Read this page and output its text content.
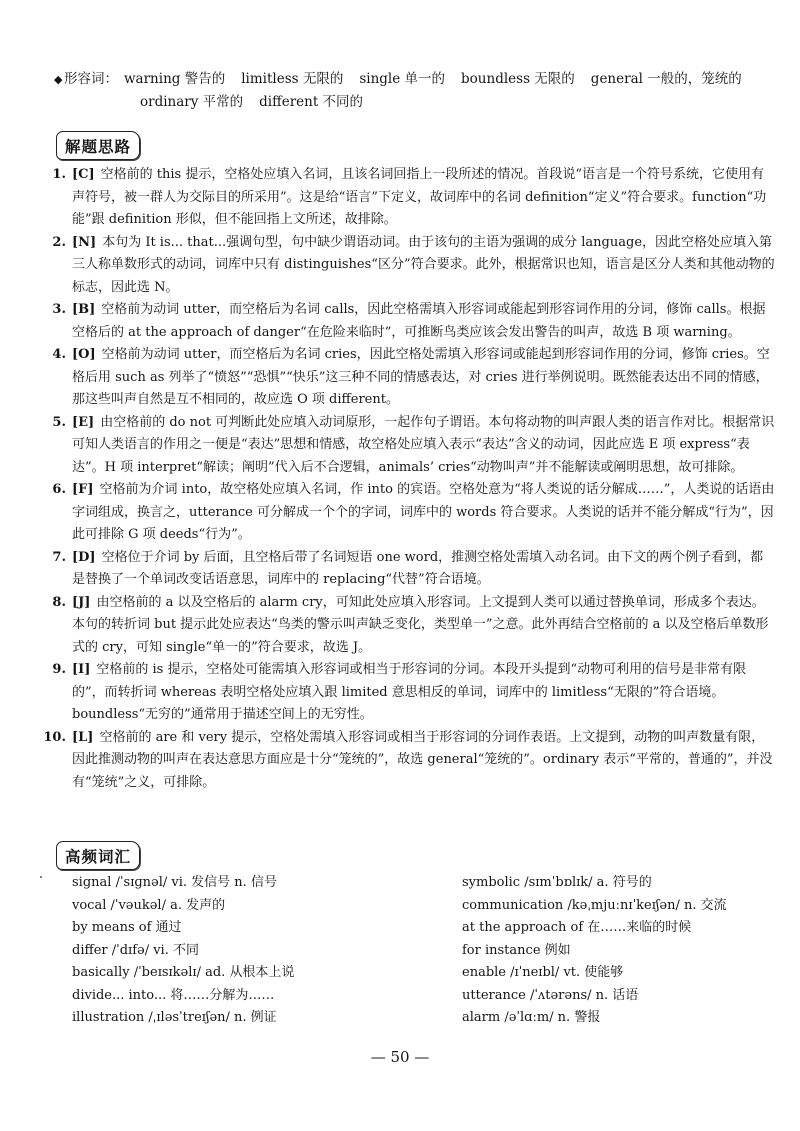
◆ 形容词： warning 警告的 limitless 无限的 single 单一的 boundless 无限的 general 一般的，笼统的
ordinary 平常的 different 不同的
解题思路
1. [C] 空格前的 this 提示，空格处应填入名词，且该名词回指上一段所述的情况。首段说“语言是一个符号系统，它使用有声符号，被一群人为交际目的所采用”。这是给“语言”下定义，故词库中的名词 definition“定义”符合要求。function“功能”跟 definition 形似，但不能回指上文所述，故排除。
2. [N] 本句为 It is... that...强调句型，句中缺少谓语动词。由于该句的主语为强调的成分 language，因此空格处应填入第三人称单数形式的动词，词库中只有 distinguishes“区分”符合要求。此外，根据常识也知，语言是区分人类和其他动物的标志，因此选 N。
3. [B] 空格前为动词 utter，而空格后为名词 calls，因此空格需填入形容词或能起到形容词作用的分词，修饰 calls。根据空格后的 at the approach of danger“在危险来临时”，可推断鸟类应该会发出警告的叫声，故选 B 项 warning。
4. [O] 空格前为动词 utter，而空格后为名词 cries，因此空格处需填入形容词或能起到形容词作用的分词，修饰 cries。空格后用 such as 列举了“愤怒”“恐惧”“快乐”这三种不同的情感表达，对 cries 进行举例说明。既然能表达出不同的情感，那这些叫声自然是互不相同的，故应选 O 项 different。
5. [E] 由空格前的 do not 可判断此处应填入动词原形，一起作句子谓语。本句将动物的叫声跟人类的语言作对比。根据常识可知人类语言的作用之一便是“表达”思想和情感，故空格处应填入表示“表达”含义的动词，因此应选 E 项 express“表达”。H 项 interpret“解读；阐明”代入后不合逻辑，animals’ cries“动物叫声”并不能解读或阐明思想，故可排除。
6. [F] 空格前为介词 into，故空格处应填入名词，作 into 的宾语。空格处意为“将人类说的话分解成……”，人类说的话语由字词组成，换言之，utterance 可分解成一个个的字词，词库中的 words 符合要求。人类说的话并不能分解成“行为”，因此可排除 G 项 deeds“行为”。
7. [D] 空格位于介词 by 后面，且空格后带了名词短语 one word，推测空格处需填入动名词。由下文的两个例子看到，都是替换了一个单词改变话语意思，词库中的 replacing“代替”符合语境。
8. [J] 由空格前的 a 以及空格后的 alarm cry，可知此处应填入形容词。上文提到人类可以通过替换单词，形成多个表达。本句的转折词 but 提示此处应表达“鸟类的警示叫声缺乏变化，类型单一”之意。此外再结合空格前的 a 以及空格后单数形式的 cry，可知 single“单一的”符合要求，故选 J。
9. [I] 空格前的 is 提示，空格处可能需填入形容词或相当于形容词的分词。本段开头提到“动物可利用的信号是非常有限的”，而转折词 whereas 表明空格处应填入跟 limited 意思相反的单词，词库中的 limitless“无限的”符合语境。boundless“无穷的”通常用于描述空间上的无穷性。
10. [L] 空格前的 are 和 very 提示，空格处需填入形容词或相当于形容词的分词作表语。上文提到，动物的叫声数量有限，因此推测动物的叫声在表达意思方面应是十分“笼统的”，故选 general“笼统的”。ordinary 表示“平常的，普通的”，并没有“笼统”之义，可排除。
高频词汇
signal /ˈsɪɡnəl/ vi. 发信号 n. 信号
vocal /ˈvəukəl/ a. 发声的
by means of 通过
differ /ˈdɪfə/ vi. 不同
basically /ˈbeɪsɪkəlɪ/ ad. 从根本上说
divide... into... 将……分解为……
illustration /ˌɪləsˈtreɪʃən/ n. 例证
symbolic /sɪmˈbɒlɪk/ a. 符号的
communication /kəˌmjuːnɪˈkeɪʃən/ n. 交流
at the approach of 在……来临的时候
for instance 例如
enable /ɪˈneɪbl/ vt. 使能够
utterance /ˈʌtərəns/ n. 话语
alarm /əˈlɑːm/ n. 警报
— 50 —
